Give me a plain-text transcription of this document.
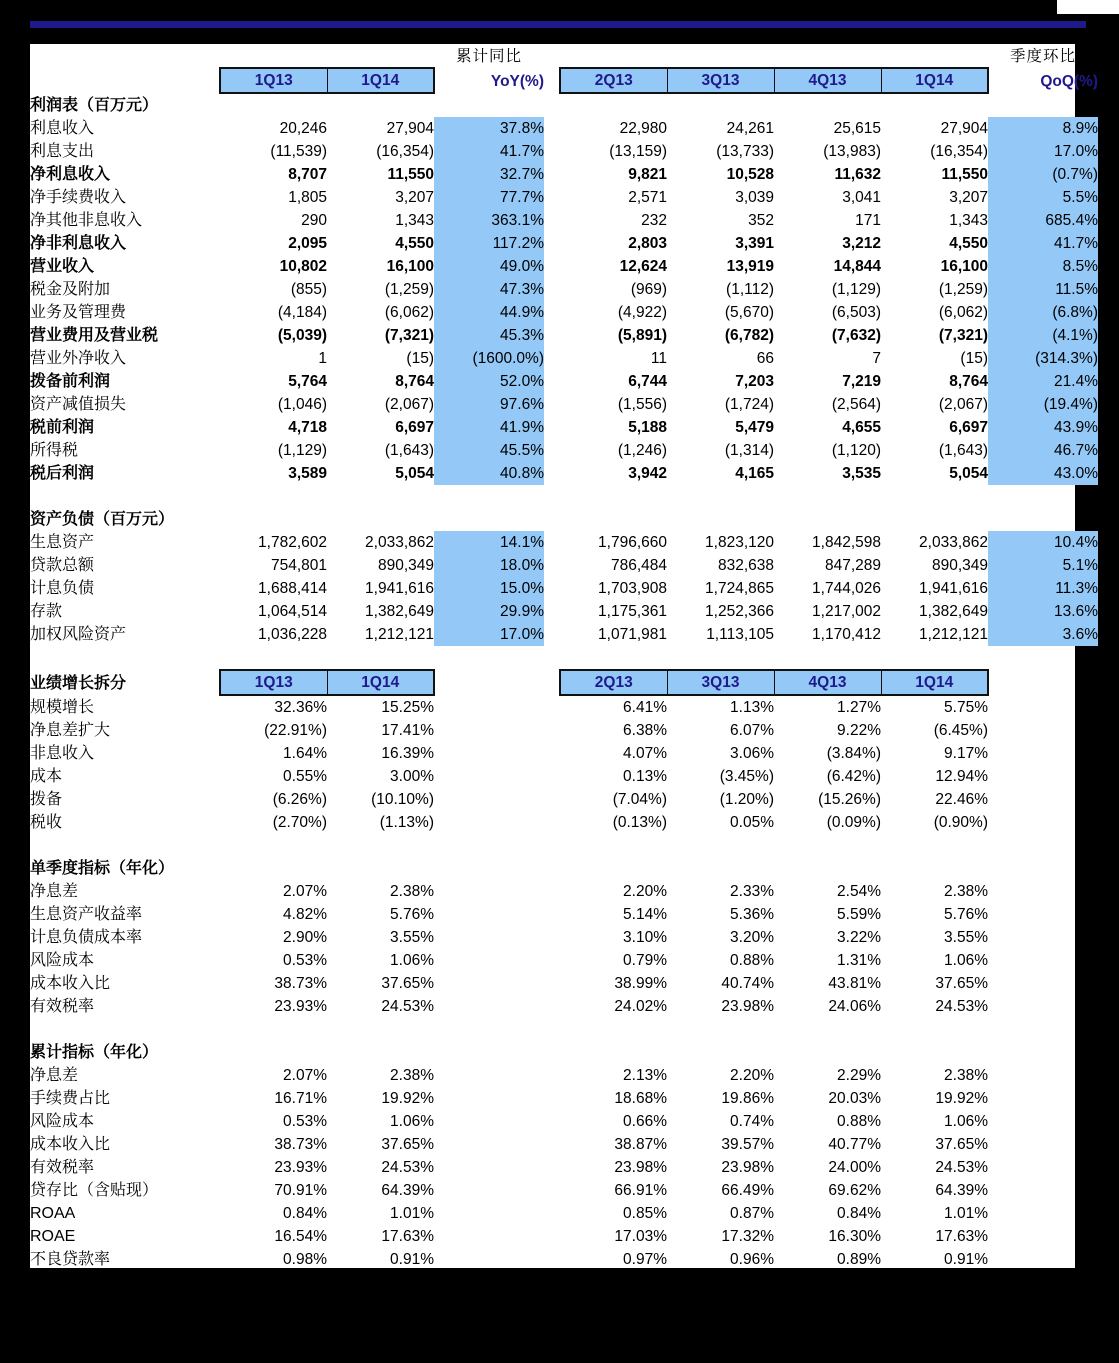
			累计同比						季度环比
	1Q13	1Q14	YoY(%)		2Q13	3Q13	4Q13	1Q14	QoQ(%)
利润表（百万元）									
利息收入	20,246	27,904	37.8%		22,980	24,261	25,615	27,904	8.9%
利息支出	(11,539)	(16,354)	41.7%		(13,159)	(13,733)	(13,983)	(16,354)	17.0%
净利息收入	8,707	11,550	32.7%		9,821	10,528	11,632	11,550	(0.7%)
净手续费收入	1,805	3,207	77.7%		2,571	3,039	3,041	3,207	5.5%
净其他非息收入	290	1,343	363.1%		232	352	171	1,343	685.4%
净非利息收入	2,095	4,550	117.2%		2,803	3,391	3,212	4,550	41.7%
营业收入	10,802	16,100	49.0%		12,624	13,919	14,844	16,100	8.5%
税金及附加	(855)	(1,259)	47.3%		(969)	(1,112)	(1,129)	(1,259)	11.5%
业务及管理费	(4,184)	(6,062)	44.9%		(4,922)	(5,670)	(6,503)	(6,062)	(6.8%)
营业费用及营业税	(5,039)	(7,321)	45.3%		(5,891)	(6,782)	(7,632)	(7,321)	(4.1%)
营业外净收入	1	(15)	(1600.0%)		11	66	7	(15)	(314.3%)
拨备前利润	5,764	8,764	52.0%		6,744	7,203	7,219	8,764	21.4%
资产减值损失	(1,046)	(2,067)	97.6%		(1,556)	(1,724)	(2,564)	(2,067)	(19.4%)
税前利润	4,718	6,697	41.9%		5,188	5,479	4,655	6,697	43.9%
所得税	(1,129)	(1,643)	45.5%		(1,246)	(1,314)	(1,120)	(1,643)	46.7%
税后利润	3,589	5,054	40.8%		3,942	4,165	3,535	5,054	43.0%

资产负债（百万元）									
生息资产	1,782,602	2,033,862	14.1%		1,796,660	1,823,120	1,842,598	2,033,862	10.4%
贷款总额	754,801	890,349	18.0%		786,484	832,638	847,289	890,349	5.1%
计息负债	1,688,414	1,941,616	15.0%		1,703,908	1,724,865	1,744,026	1,941,616	11.3%
存款	1,064,514	1,382,649	29.9%		1,175,361	1,252,366	1,217,002	1,382,649	13.6%
加权风险资产	1,036,228	1,212,121	17.0%		1,071,981	1,113,105	1,170,412	1,212,121	3.6%

业绩增长拆分	1Q13	1Q14			2Q13	3Q13	4Q13	1Q14	
规模增长	32.36%	15.25%			6.41%	1.13%	1.27%	5.75%	
净息差扩大	(22.91%)	17.41%			6.38%	6.07%	9.22%	(6.45%)	
非息收入	1.64%	16.39%			4.07%	3.06%	(3.84%)	9.17%	
成本	0.55%	3.00%			0.13%	(3.45%)	(6.42%)	12.94%	
拨备	(6.26%)	(10.10%)			(7.04%)	(1.20%)	(15.26%)	22.46%	
税收	(2.70%)	(1.13%)			(0.13%)	0.05%	(0.09%)	(0.90%)	

单季度指标（年化）									
净息差	2.07%	2.38%			2.20%	2.33%	2.54%	2.38%	
生息资产收益率	4.82%	5.76%			5.14%	5.36%	5.59%	5.76%	
计息负债成本率	2.90%	3.55%			3.10%	3.20%	3.22%	3.55%	
风险成本	0.53%	1.06%			0.79%	0.88%	1.31%	1.06%	
成本收入比	38.73%	37.65%			38.99%	40.74%	43.81%	37.65%	
有效税率	23.93%	24.53%			24.02%	23.98%	24.06%	24.53%	

累计指标（年化）									
净息差	2.07%	2.38%			2.13%	2.20%	2.29%	2.38%	
手续费占比	16.71%	19.92%			18.68%	19.86%	20.03%	19.92%	
风险成本	0.53%	1.06%			0.66%	0.74%	0.88%	1.06%	
成本收入比	38.73%	37.65%			38.87%	39.57%	40.77%	37.65%	
有效税率	23.93%	24.53%			23.98%	23.98%	24.00%	24.53%	
贷存比（含贴现）	70.91%	64.39%			66.91%	66.49%	69.62%	64.39%	
ROAA	0.84%	1.01%			0.85%	0.87%	0.84%	1.01%	
ROAE	16.54%	17.63%			17.03%	17.32%	16.30%	17.63%	
不良贷款率	0.98%	0.91%			0.97%	0.96%	0.89%	0.91%	
拨备覆盖率	182.68%	201.54%			183.54%	186.02%	201.06%	201.54%	
拨备/贷款总额	1.78%	1.83%			1.78%	1.79%	1.79%	1.83%	
核心资本充足率	7.28%	8.70%			7.29%	7.43%	8.56%	8.70%	
资本充足率	8.79%	10.79%			8.78%	8.91%	9.90%	10.79%	
